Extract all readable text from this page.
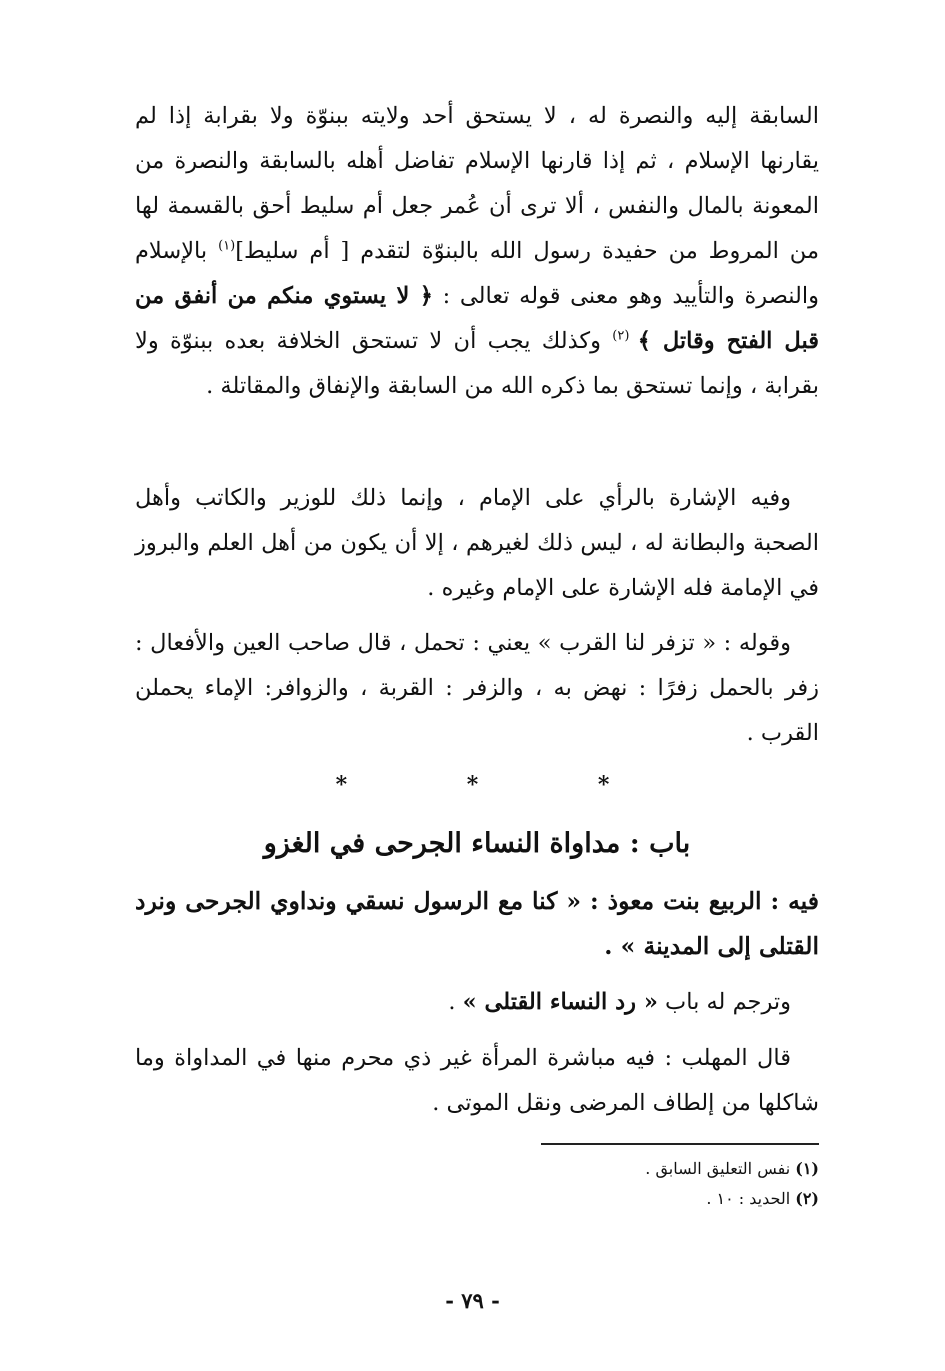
السابقة إليه والنصرة له ، لا يستحق أحد ولايته ببنوّة ولا بقرابة إذا لم يقارنها الإسلام ، ثم إذا قارنها الإسلام تفاضل أهله بالسابقة والنصرة من المعونة بالمال والنفس ، ألا ترى أن عُمر جعل أم سليط أحق بالقسمة لها من المروط من حفيدة رسول الله بالبنوّة لتقدم [ أم سليط]$^{(١)}$ بالإسلام والنصرة والتأييد وهو معنى قوله تعالى : ﴿ لا يستوي منكم من أنفق من قبل الفتح وقاتل ﴾ $^{(٢)}$ وكذلك يجب أن لا تستحق الخلافة بعده ببنوّة ولا بقرابة ، وإنما تستحق بما ذكره الله من السابقة والإنفاق والمقاتلة .

وفيه الإشارة بالرأي على الإمام ، وإنما ذلك للوزير والكاتب وأهل الصحبة والبطانة له ، ليس ذلك لغيرهم ، إلا أن يكون من أهل العلم والبروز في الإمامة فله الإشارة على الإمام وغيره .

وقوله : « تزفر لنا القرب » يعني : تحمل ، قال صاحب العين والأفعال : زفر بالحمل زفرًا : نهض به ، والزفر : القربة ، والزوافر: الإماء يحملن القرب .

* * *
باب : مداواة النساء الجرحى في الغزو

فيه : الربيع بنت معوذ : « كنا مع الرسول نسقي ونداوي الجرحى ونرد القتلى إلى المدينة » .

وترجم له باب « رد النساء القتلى » .

قال المهلب : فيه مباشرة المرأة غير ذي محرم منها في المداواة وما شاكلها من إلطاف المرضى ونقل الموتى .

(١) نفس التعليق السابق .
(٢) الحديد : ١٠ .
- ٧٩ -
